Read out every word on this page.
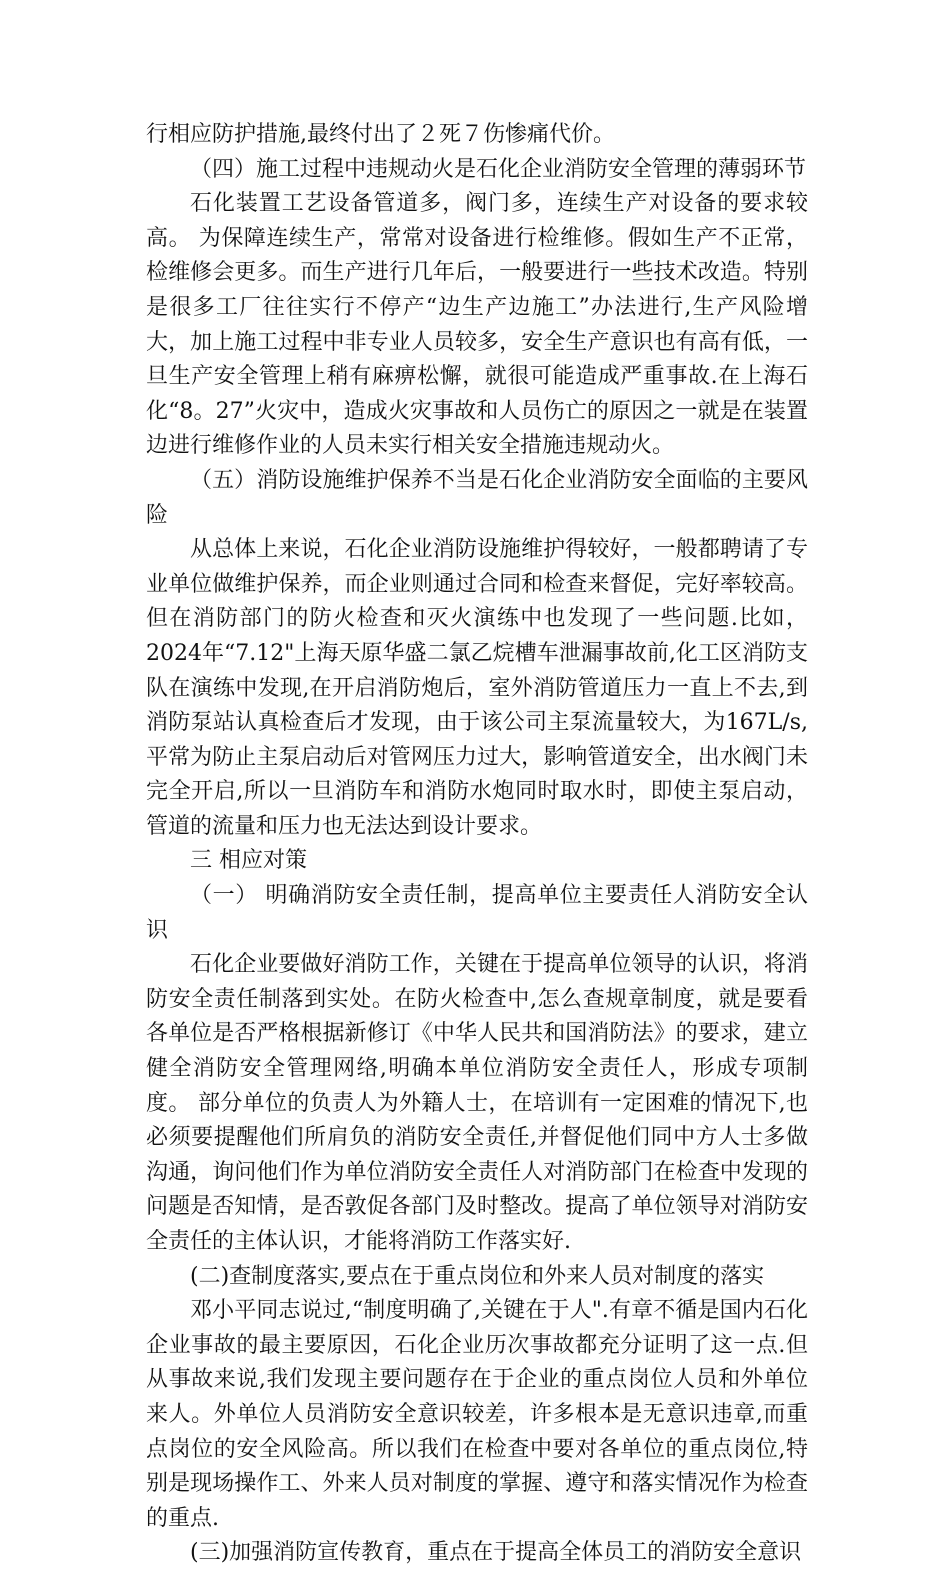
行相应防护措施,最终付出了２死７伤惨痛代价。

（四）施工过程中违规动火是石化企业消防安全管理的薄弱环节

石化装置工艺设备管道多，阀门多，连续生产对设备的要求较高。 为保障连续生产，常常对设备进行检维修。假如生产不正常，检维修会更多。而生产进行几年后，一般要进行一些技术改造。特别是很多工厂往往实行不停产“边生产边施工”办法进行,生产风险增大，加上施工过程中非专业人员较多，安全生产意识也有高有低，一旦生产安全管理上稍有麻痹松懈，就很可能造成严重事故.在上海石化“8。27”火灾中，造成火灾事故和人员伤亡的原因之一就是在装置边进行维修作业的人员未实行相关安全措施违规动火。

（五）消防设施维护保养不当是石化企业消防安全面临的主要风险

从总体上来说，石化企业消防设施维护得较好，一般都聘请了专业单位做维护保养，而企业则通过合同和检查来督促，完好率较高。 但在消防部门的防火检查和灭火演练中也发现了一些问题.比如，2024年“7.12"上海天原华盛二氯乙烷槽车泄漏事故前,化工区消防支队在演练中发现,在开启消防炮后，室外消防管道压力一直上不去,到消防泵站认真检查后才发现，由于该公司主泵流量较大，为167L/s,平常为防止主泵启动后对管网压力过大，影响管道安全，出水阀门未完全开启,所以一旦消防车和消防水炮同时取水时，即使主泵启动，管道的流量和压力也无法达到设计要求。

三 相应对策

（一） 明确消防安全责任制，提高单位主要责任人消防安全认识

石化企业要做好消防工作，关键在于提高单位领导的认识，将消防安全责任制落到实处。在防火检查中,怎么查规章制度，就是要看各单位是否严格根据新修订《中华人民共和国消防法》的要求，建立健全消防安全管理网络,明确本单位消防安全责任人，形成专项制度。 部分单位的负责人为外籍人士，在培训有一定困难的情况下,也必须要提醒他们所肩负的消防安全责任,并督促他们同中方人士多做沟通，询问他们作为单位消防安全责任人对消防部门在检查中发现的问题是否知情，是否敦促各部门及时整改。提高了单位领导对消防安全责任的主体认识，才能将消防工作落实好.

(二)查制度落实,要点在于重点岗位和外来人员对制度的落实

邓小平同志说过,“制度明确了,关键在于人".有章不循是国内石化企业事故的最主要原因，石化企业历次事故都充分证明了这一点.但从事故来说,我们发现主要问题存在于企业的重点岗位人员和外单位来人。外单位人员消防安全意识较差，许多根本是无意识违章,而重点岗位的安全风险高。所以我们在检查中要对各单位的重点岗位,特别是现场操作工、外来人员对制度的掌握、遵守和落实情况作为检查的重点.

(三)加强消防宣传教育，重点在于提高全体员工的消防安全意识
